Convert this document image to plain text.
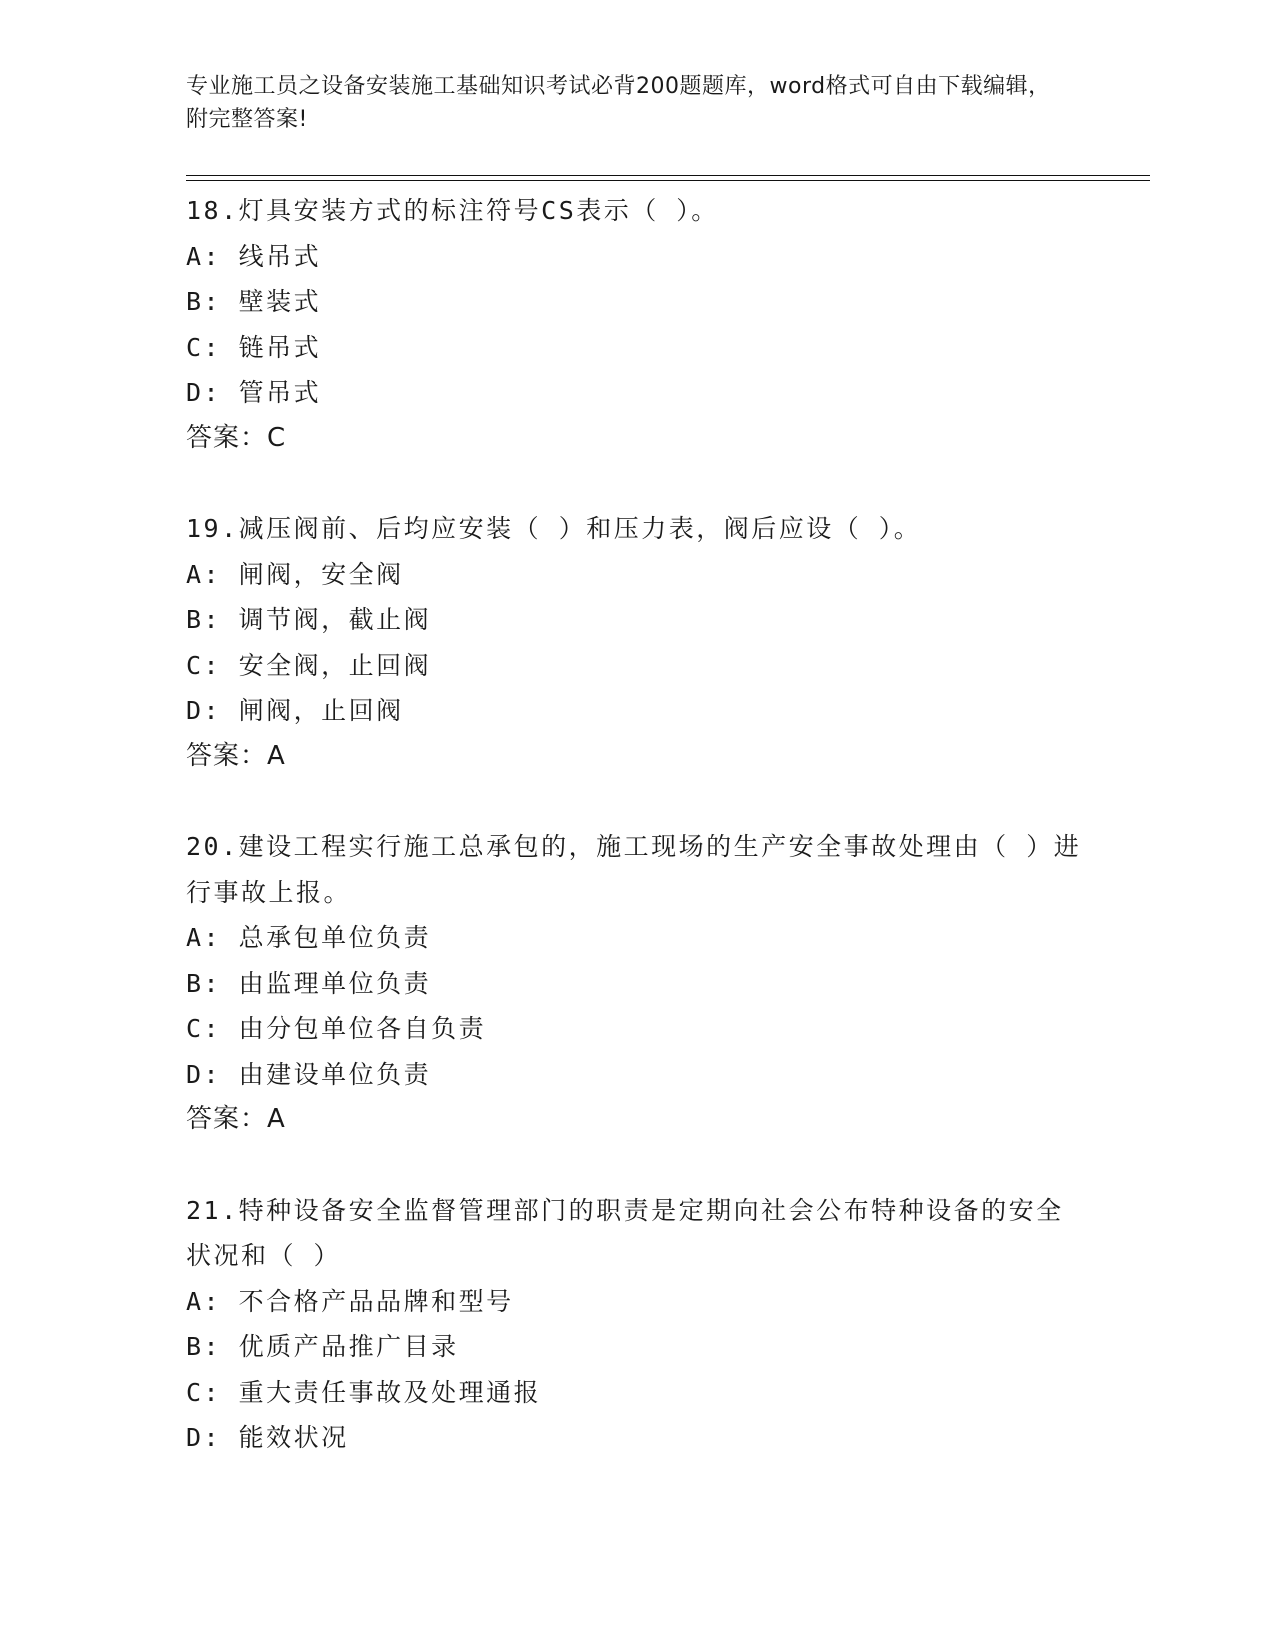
专业施工员之设备安装施工基础知识考试必背200题题库，word格式可自由下载编辑，附完整答案!
18.灯具安装方式的标注符号CS表示（ ）。
A: 线吊式
B: 壁装式
C: 链吊式
D: 管吊式
答案：C
19.减压阀前、后均应安装（ ）和压力表，阀后应设（ ）。
A: 闸阀，安全阀
B: 调节阀，截止阀
C: 安全阀，止回阀
D: 闸阀，止回阀
答案：A
20.建设工程实行施工总承包的，施工现场的生产安全事故处理由（ ）进行事故上报。
A: 总承包单位负责
B: 由监理单位负责
C: 由分包单位各自负责
D: 由建设单位负责
答案：A
21.特种设备安全监督管理部门的职责是定期向社会公布特种设备的安全状况和（ ）
A: 不合格产品品牌和型号
B: 优质产品推广目录
C: 重大责任事故及处理通报
D: 能效状况
